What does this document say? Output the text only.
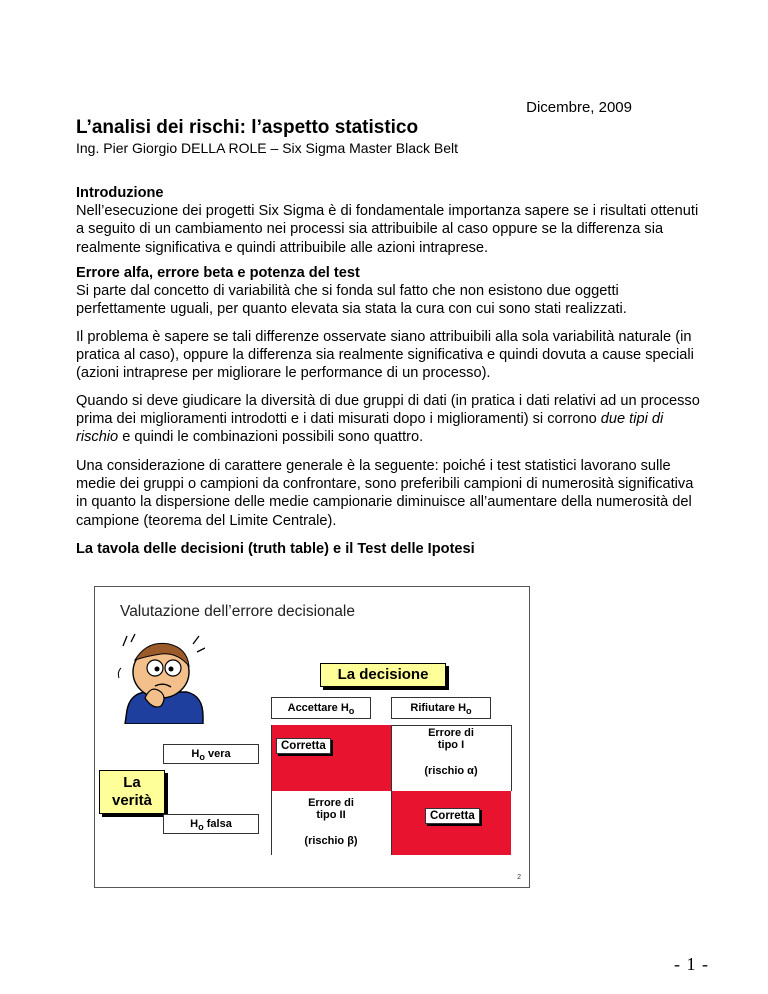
Dicembre, 2009
L’analisi dei rischi: l’aspetto statistico
Ing. Pier Giorgio DELLA ROLE – Six Sigma Master Black Belt
Introduzione

Nell’esecuzione dei progetti Six Sigma è di fondamentale importanza sapere se i risultati ottenuti a seguito di un cambiamento nei processi sia attribuibile al caso oppure se la differenza sia realmente significativa e quindi attribuibile alle azioni intraprese.

Errore alfa, errore beta e potenza del test

Si parte dal concetto di variabilità che si fonda sul fatto che non esistono due oggetti perfettamente uguali, per quanto elevata sia stata la cura con cui sono stati realizzati.

Il problema è sapere se tali differenze osservate siano attribuibili alla sola variabilità naturale (in pratica al caso), oppure la differenza sia realmente significativa e quindi dovuta a cause speciali (azioni intraprese per migliorare le performance di un processo).
Quando si deve giudicare la diversità di due gruppi di dati (in pratica i dati relativi ad un processo prima dei miglioramenti introdotti e i dati misurati dopo i miglioramenti) si corrono due tipi di rischio e quindi le combinazioni possibili sono quattro.
Una considerazione di carattere generale è la seguente: poiché i test statistici lavorano sulle medie dei gruppi o campioni da confrontare, sono preferibili campioni di numerosità significativa in quanto la dispersione delle medie campionarie diminuisce all’aumentare della numerosità del campione (teorema del Limite Centrale).
La tavola delle decisioni (truth table) e il Test delle Ipotesi
Valutazione dell’errore decisionale
La decisione
Accettare $H_o$	Rifiutare $H_o$
La
verità
$H_o$ vera
$H_o$ falsa
Errore di
tipo I
(rischio α)
Errore di
tipo II
(rischio β)
Corretta
Corretta
2
- 1 -
